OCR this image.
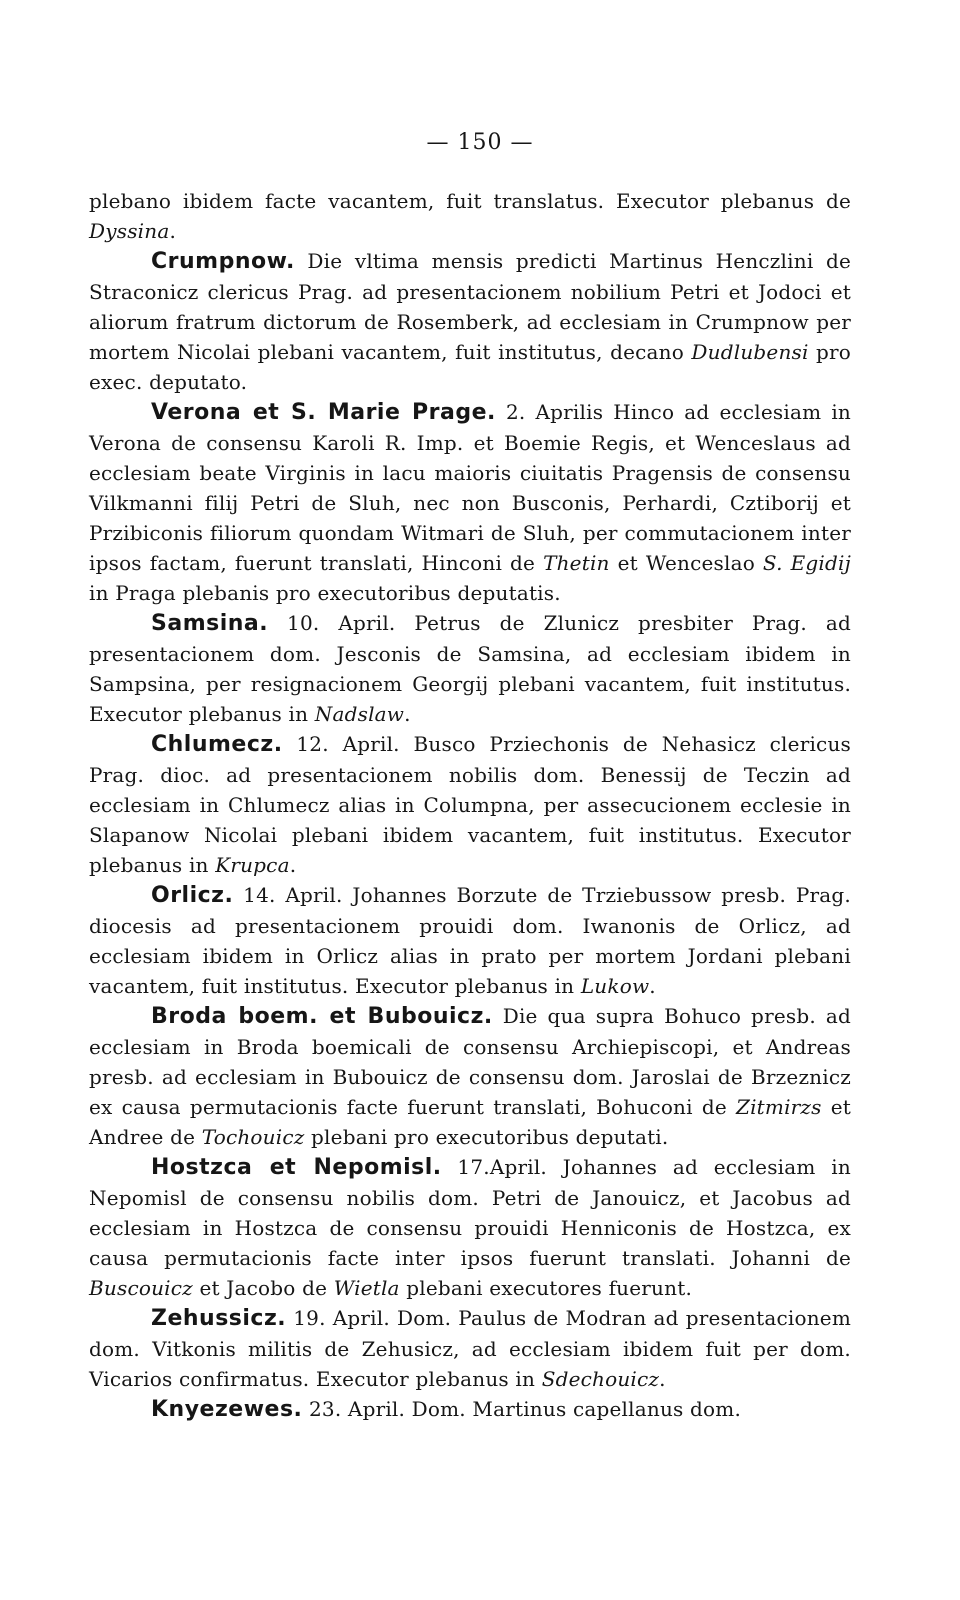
— 150 —

plebano ibidem facte vacantem, fuit translatus. Executor plebanus de Dyssina.

Crumpnow. Die vltima mensis predicti Martinus Henczlini de Straconicz clericus Prag. ad presentacionem nobilium Petri et Jodoci et aliorum fratrum dictorum de Rosemberk, ad ecclesiam in Crumpnow per mortem Nicolai plebani vacantem, fuit institutus, decano Dudlubensi pro exec. deputato.

Verona et S. Marie Prage. 2. Aprilis Hinco ad ecclesiam in Verona de consensu Karoli R. Imp. et Boemie Regis, et Wenceslaus ad ecclesiam beate Virginis in lacu maioris ciuitatis Pragensis de consensu Vilkmanni filij Petri de Sluh, nec non Busconis, Perhardi, Cztiborij et Przibiconis filiorum quondam Witmari de Sluh, per commutacionem inter ipsos factam, fuerunt translati, Hinconi de Thetin et Wenceslao S. Egidij in Praga plebanis pro executoribus deputatis.

Samsina. 10. April. Petrus de Zlunicz presbiter Prag. ad presentacionem dom. Jesconis de Samsina, ad ecclesiam ibidem in Sampsina, per resignacionem Georgij plebani vacantem, fuit institutus. Executor plebanus in Nadslaw.

Chlumecz. 12. April. Busco Prziechonis de Nehasicz clericus Prag. dioc. ad presentacionem nobilis dom. Benessij de Teczin ad ecclesiam in Chlumecz alias in Columpna, per assecucionem ecclesie in Slapanow Nicolai plebani ibidem vacantem, fuit institutus. Executor plebanus in Krupca.

Orlicz. 14. April. Johannes Borzute de Trziebussow presb. Prag. diocesis ad presentacionem prouidi dom. Iwanonis de Orlicz, ad ecclesiam ibidem in Orlicz alias in prato per mortem Jordani plebani vacantem, fuit institutus. Executor plebanus in Lukow.

Broda boem. et Bubouicz. Die qua supra Bohuco presb. ad ecclesiam in Broda boemicali de consensu Archiepiscopi, et Andreas presb. ad ecclesiam in Bubouicz de consensu dom. Jaroslai de Brzeznicz ex causa permutacionis facte fuerunt translati, Bohuconi de Zitmirzs et Andree de Tochouicz plebani pro executoribus deputati.

Hostzca et Nepomisl. 17.April. Johannes ad ecclesiam in Nepomisl de consensu nobilis dom. Petri de Janouicz, et Jacobus ad ecclesiam in Hostzca de consensu prouidi Henniconis de Hostzca, ex causa permutacionis facte inter ipsos fuerunt translati. Johanni de Buscouicz et Jacobo de Wietla plebani executores fuerunt.

Zehussicz. 19. April. Dom. Paulus de Modran ad presentacionem dom. Vitkonis militis de Zehusicz, ad ecclesiam ibidem fuit per dom. Vicarios confirmatus. Executor plebanus in Sdechouicz.

Knyezewes. 23. April. Dom. Martinus capellanus dom.
